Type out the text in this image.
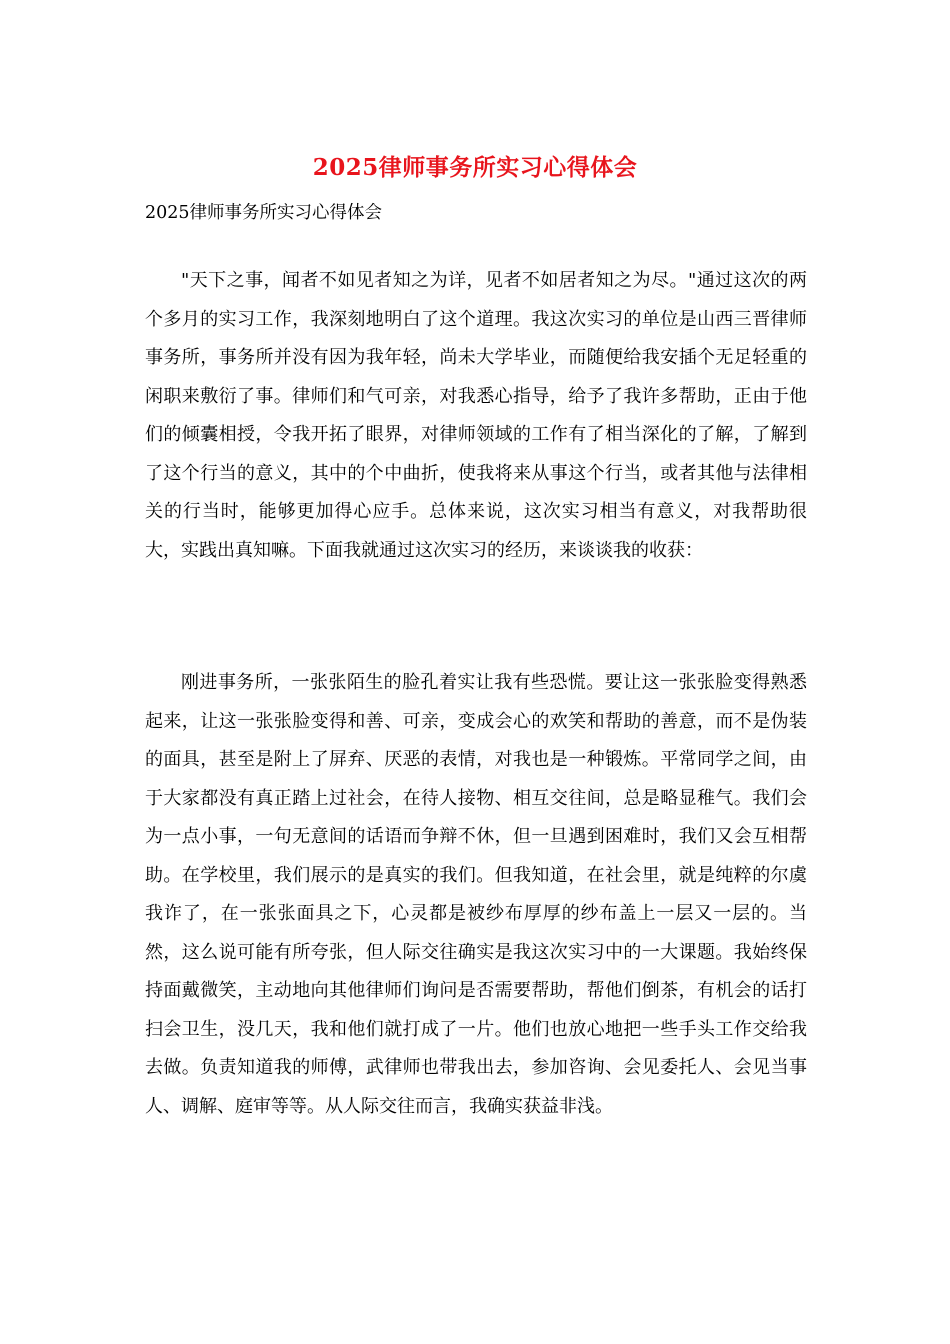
2025律师事务所实习心得体会
2025律师事务所实习心得体会

"天下之事，闻者不如见者知之为详，见者不如居者知之为尽。"通过这次的两个多月的实习工作，我深刻地明白了这个道理。我这次实习的单位是山西三晋律师事务所，事务所并没有因为我年轻，尚未大学毕业，而随便给我安插个无足轻重的闲职来敷衍了事。律师们和气可亲，对我悉心指导，给予了我许多帮助，正由于他们的倾囊相授，令我开拓了眼界，对律师领域的工作有了相当深化的了解，了解到了这个行当的意义，其中的个中曲折，使我将来从事这个行当，或者其他与法律相关的行当时，能够更加得心应手。总体来说，这次实习相当有意义，对我帮助很大，实践出真知嘛。下面我就通过这次实习的经历，来谈谈我的收获：

刚进事务所，一张张陌生的脸孔着实让我有些恐慌。要让这一张张脸变得熟悉起来，让这一张张脸变得和善、可亲，变成会心的欢笑和帮助的善意，而不是伪装的面具，甚至是附上了屏弃、厌恶的表情，对我也是一种锻炼。平常同学之间，由于大家都没有真正踏上过社会，在待人接物、相互交往间，总是略显稚气。我们会为一点小事，一句无意间的话语而争辩不休，但一旦遇到困难时，我们又会互相帮助。在学校里，我们展示的是真实的我们。但我知道，在社会里，就是纯粹的尔虞我诈了，在一张张面具之下，心灵都是被纱布厚厚的纱布盖上一层又一层的。当然，这么说可能有所夸张，但人际交往确实是我这次实习中的一大课题。我始终保持面戴微笑，主动地向其他律师们询问是否需要帮助，帮他们倒茶，有机会的话打扫会卫生，没几天，我和他们就打成了一片。他们也放心地把一些手头工作交给我去做。负责知道我的师傅，武律师也带我出去，参加咨询、会见委托人、会见当事人、调解、庭审等等。从人际交往而言，我确实获益非浅。
